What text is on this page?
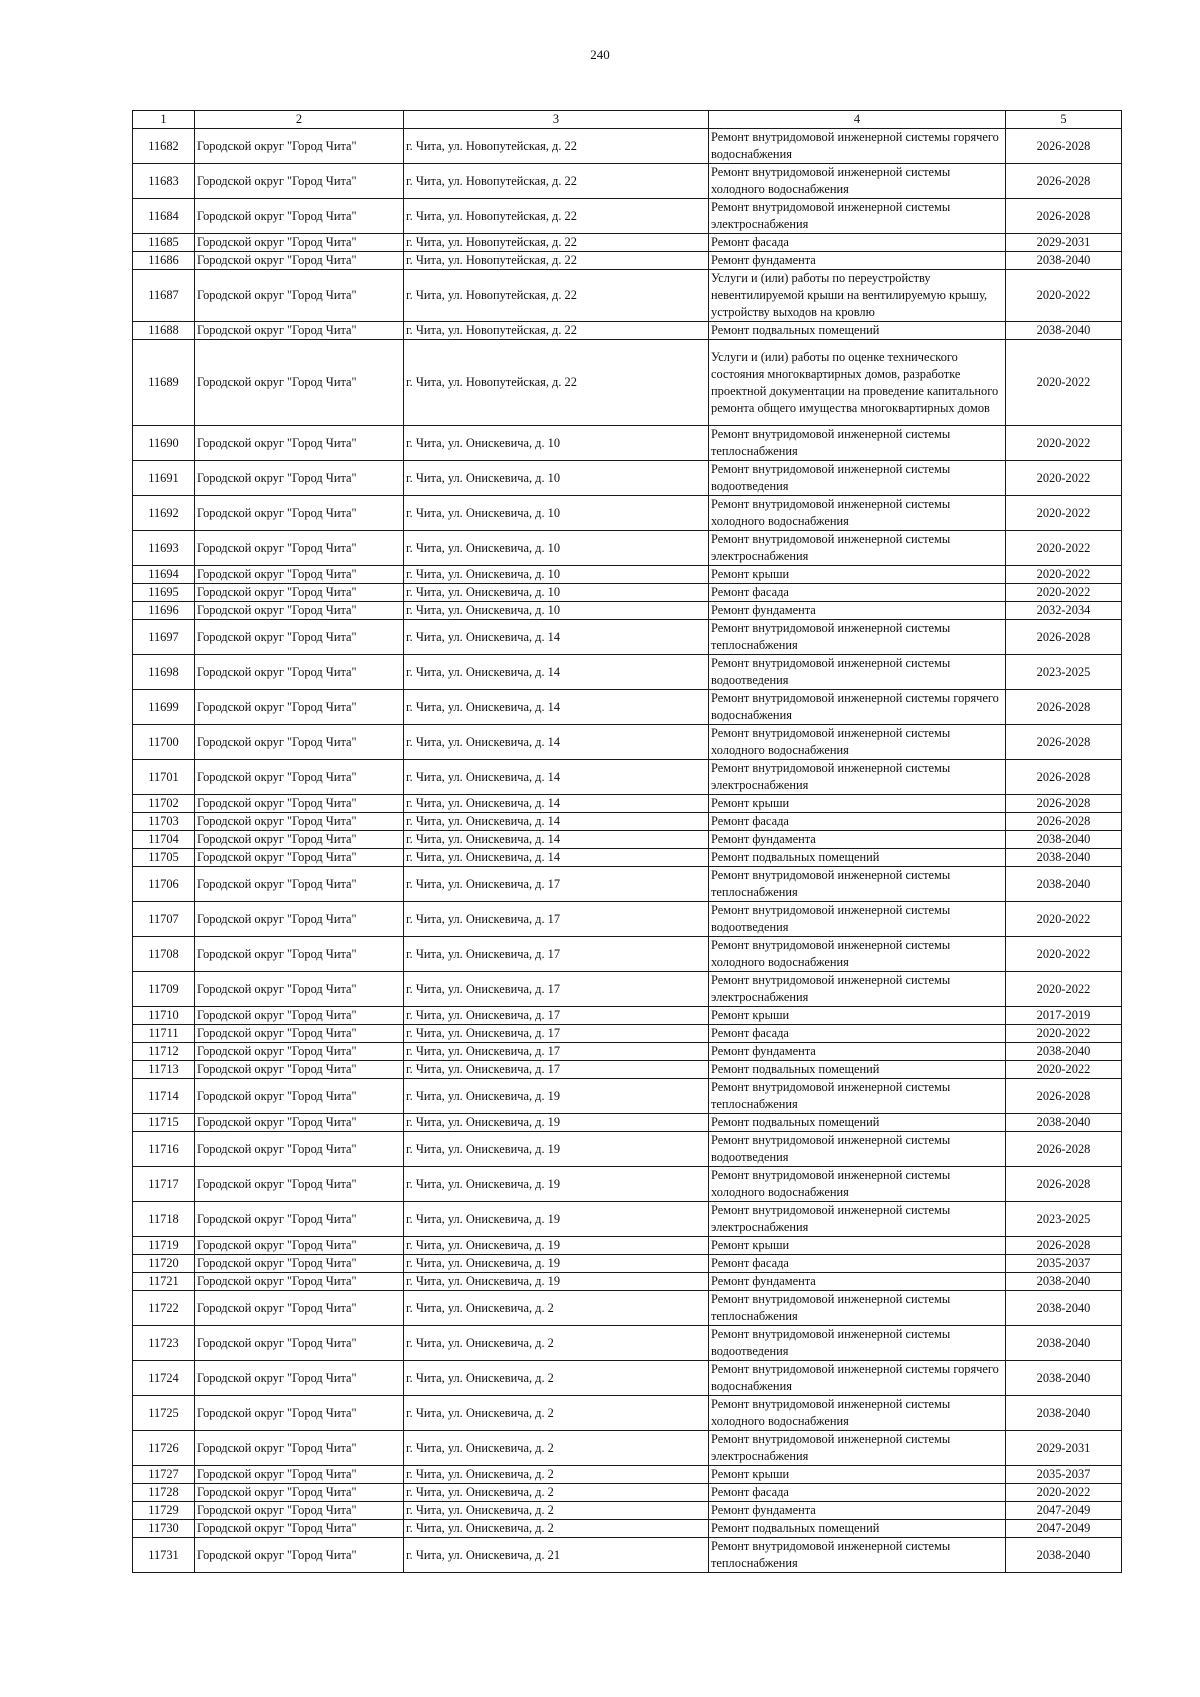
240
1	2	3	4	5
11682	Городской округ "Город Чита"	г. Чита, ул. Новопутейская, д. 22	Ремонт внутридомовой инженерной системы горячего водоснабжения	2026-2028
11683	Городской округ "Город Чита"	г. Чита, ул. Новопутейская, д. 22	Ремонт внутридомовой инженерной системы холодного водоснабжения	2026-2028
11684	Городской округ "Город Чита"	г. Чита, ул. Новопутейская, д. 22	Ремонт внутридомовой инженерной системы электроснабжения	2026-2028
11685	Городской округ "Город Чита"	г. Чита, ул. Новопутейская, д. 22	Ремонт фасада	2029-2031
11686	Городской округ "Город Чита"	г. Чита, ул. Новопутейская, д. 22	Ремонт фундамента	2038-2040
11687	Городской округ "Город Чита"	г. Чита, ул. Новопутейская, д. 22	Услуги и (или) работы по переустройству невентилируемой крыши на вентилируемую крышу, устройству выходов на кровлю	2020-2022
11688	Городской округ "Город Чита"	г. Чита, ул. Новопутейская, д. 22	Ремонт подвальных помещений	2038-2040
11689	Городской округ "Город Чита"	г. Чита, ул. Новопутейская, д. 22	Услуги и (или) работы по оценке технического состояния многоквартирных домов, разработке проектной документации на проведение капитального ремонта общего имущества многоквартирных домов	2020-2022
11690	Городской округ "Город Чита"	г. Чита, ул. Онискевича, д. 10	Ремонт внутридомовой инженерной системы теплоснабжения	2020-2022
11691	Городской округ "Город Чита"	г. Чита, ул. Онискевича, д. 10	Ремонт внутридомовой инженерной системы водоотведения	2020-2022
11692	Городской округ "Город Чита"	г. Чита, ул. Онискевича, д. 10	Ремонт внутридомовой инженерной системы холодного водоснабжения	2020-2022
11693	Городской округ "Город Чита"	г. Чита, ул. Онискевича, д. 10	Ремонт внутридомовой инженерной системы электроснабжения	2020-2022
11694	Городской округ "Город Чита"	г. Чита, ул. Онискевича, д. 10	Ремонт крыши	2020-2022
11695	Городской округ "Город Чита"	г. Чита, ул. Онискевича, д. 10	Ремонт фасада	2020-2022
11696	Городской округ "Город Чита"	г. Чита, ул. Онискевича, д. 10	Ремонт фундамента	2032-2034
11697	Городской округ "Город Чита"	г. Чита, ул. Онискевича, д. 14	Ремонт внутридомовой инженерной системы теплоснабжения	2026-2028
11698	Городской округ "Город Чита"	г. Чита, ул. Онискевича, д. 14	Ремонт внутридомовой инженерной системы водоотведения	2023-2025
11699	Городской округ "Город Чита"	г. Чита, ул. Онискевича, д. 14	Ремонт внутридомовой инженерной системы горячего водоснабжения	2026-2028
11700	Городской округ "Город Чита"	г. Чита, ул. Онискевича, д. 14	Ремонт внутридомовой инженерной системы холодного водоснабжения	2026-2028
11701	Городской округ "Город Чита"	г. Чита, ул. Онискевича, д. 14	Ремонт внутридомовой инженерной системы электроснабжения	2026-2028
11702	Городской округ "Город Чита"	г. Чита, ул. Онискевича, д. 14	Ремонт крыши	2026-2028
11703	Городской округ "Город Чита"	г. Чита, ул. Онискевича, д. 14	Ремонт фасада	2026-2028
11704	Городской округ "Город Чита"	г. Чита, ул. Онискевича, д. 14	Ремонт фундамента	2038-2040
11705	Городской округ "Город Чита"	г. Чита, ул. Онискевича, д. 14	Ремонт подвальных помещений	2038-2040
11706	Городской округ "Город Чита"	г. Чита, ул. Онискевича, д. 17	Ремонт внутридомовой инженерной системы теплоснабжения	2038-2040
11707	Городской округ "Город Чита"	г. Чита, ул. Онискевича, д. 17	Ремонт внутридомовой инженерной системы водоотведения	2020-2022
11708	Городской округ "Город Чита"	г. Чита, ул. Онискевича, д. 17	Ремонт внутридомовой инженерной системы холодного водоснабжения	2020-2022
11709	Городской округ "Город Чита"	г. Чита, ул. Онискевича, д. 17	Ремонт внутридомовой инженерной системы электроснабжения	2020-2022
11710	Городской округ "Город Чита"	г. Чита, ул. Онискевича, д. 17	Ремонт крыши	2017-2019
11711	Городской округ "Город Чита"	г. Чита, ул. Онискевича, д. 17	Ремонт фасада	2020-2022
11712	Городской округ "Город Чита"	г. Чита, ул. Онискевича, д. 17	Ремонт фундамента	2038-2040
11713	Городской округ "Город Чита"	г. Чита, ул. Онискевича, д. 17	Ремонт подвальных помещений	2020-2022
11714	Городской округ "Город Чита"	г. Чита, ул. Онискевича, д. 19	Ремонт внутридомовой инженерной системы теплоснабжения	2026-2028
11715	Городской округ "Город Чита"	г. Чита, ул. Онискевича, д. 19	Ремонт подвальных помещений	2038-2040
11716	Городской округ "Город Чита"	г. Чита, ул. Онискевича, д. 19	Ремонт внутридомовой инженерной системы водоотведения	2026-2028
11717	Городской округ "Город Чита"	г. Чита, ул. Онискевича, д. 19	Ремонт внутридомовой инженерной системы холодного водоснабжения	2026-2028
11718	Городской округ "Город Чита"	г. Чита, ул. Онискевича, д. 19	Ремонт внутридомовой инженерной системы электроснабжения	2023-2025
11719	Городской округ "Город Чита"	г. Чита, ул. Онискевича, д. 19	Ремонт крыши	2026-2028
11720	Городской округ "Город Чита"	г. Чита, ул. Онискевича, д. 19	Ремонт фасада	2035-2037
11721	Городской округ "Город Чита"	г. Чита, ул. Онискевича, д. 19	Ремонт фундамента	2038-2040
11722	Городской округ "Город Чита"	г. Чита, ул. Онискевича, д. 2	Ремонт внутридомовой инженерной системы теплоснабжения	2038-2040
11723	Городской округ "Город Чита"	г. Чита, ул. Онискевича, д. 2	Ремонт внутридомовой инженерной системы водоотведения	2038-2040
11724	Городской округ "Город Чита"	г. Чита, ул. Онискевича, д. 2	Ремонт внутридомовой инженерной системы горячего водоснабжения	2038-2040
11725	Городской округ "Город Чита"	г. Чита, ул. Онискевича, д. 2	Ремонт внутридомовой инженерной системы холодного водоснабжения	2038-2040
11726	Городской округ "Город Чита"	г. Чита, ул. Онискевича, д. 2	Ремонт внутридомовой инженерной системы электроснабжения	2029-2031
11727	Городской округ "Город Чита"	г. Чита, ул. Онискевича, д. 2	Ремонт крыши	2035-2037
11728	Городской округ "Город Чита"	г. Чита, ул. Онискевича, д. 2	Ремонт фасада	2020-2022
11729	Городской округ "Город Чита"	г. Чита, ул. Онискевича, д. 2	Ремонт фундамента	2047-2049
11730	Городской округ "Город Чита"	г. Чита, ул. Онискевича, д. 2	Ремонт подвальных помещений	2047-2049
11731	Городской округ "Город Чита"	г. Чита, ул. Онискевича, д. 21	Ремонт внутридомовой инженерной системы теплоснабжения	2038-2040
